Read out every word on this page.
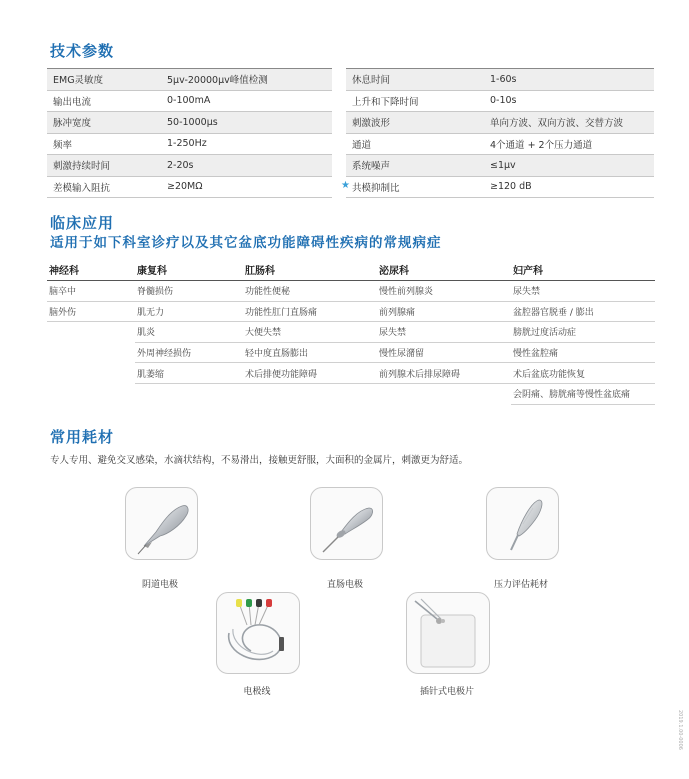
技术参数
EMG灵敏度	5μv-20000μv峰值检测
输出电流	0-100mA
脉冲宽度	50-1000μs
频率	1-250Hz
刺激持续时间	2-20s
差模输入阻抗	≥20MΩ
休息时间	1-60s
上升和下降时间	0-10s
刺激波形	单向方波、双向方波、交替方波
通道	4个通道 + 2个压力通道
系统噪声	≤1μv

★ 共模抑制比	≥120 dB
临床应用
适用于如下科室诊疗以及其它盆底功能障碍性疾病的常规病症
神经科	康复科	肛肠科	泌尿科	妇产科
脑卒中	脊髓损伤	功能性便秘	慢性前列腺炎	尿失禁
脑外伤	肌无力	功能性肛门直肠痛	前列腺痛	盆腔器官脱垂 / 膨出
	肌炎	大便失禁	尿失禁	膀胱过度活动症
	外周神经损伤	轻中度直肠膨出	慢性尿潴留	慢性盆腔痛
	肌萎缩	术后排便功能障碍	前列腺术后排尿障碍	术后盆底功能恢复
				会阴痛、膀胱痛等慢性盆底痛
常用耗材
专人专用、避免交叉感染，水滴状结构，不易滑出，接触更舒服，大面积的金属片，刺激更为舒适。
阴道电极	直肠电极	压力评估耗材
电极线	插针式电极片
2019.1.00-0006
